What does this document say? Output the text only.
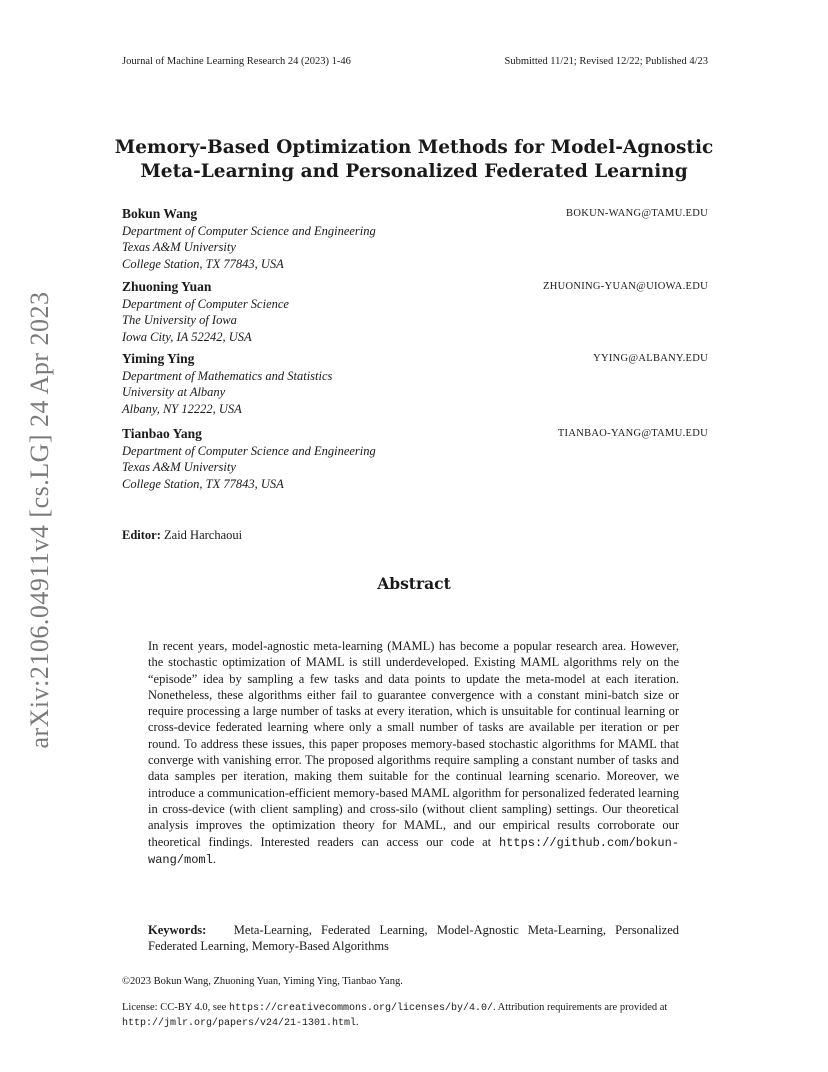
arXiv:2106.04911v4 [cs.LG] 24 Apr 2023
Journal of Machine Learning Research 24 (2023) 1-46	Submitted 11/21; Revised 12/22; Published 4/23
Memory-Based Optimization Methods for Model-Agnostic
Meta-Learning and Personalized Federated Learning
Bokun Wang	BOKUN-WANG@TAMU.EDU
Department of Computer Science and Engineering
Texas A&M University
College Station, TX 77843, USA
Zhuoning Yuan	ZHUONING-YUAN@UIOWA.EDU
Department of Computer Science
The University of Iowa
Iowa City, IA 52242, USA
Yiming Ying	YYING@ALBANY.EDU
Department of Mathematics and Statistics
University at Albany
Albany, NY 12222, USA
Tianbao Yang	TIANBAO-YANG@TAMU.EDU
Department of Computer Science and Engineering
Texas A&M University
College Station, TX 77843, USA
Editor: Zaid Harchaoui
Abstract
In recent years, model-agnostic meta-learning (MAML) has become a popular research area. However, the stochastic optimization of MAML is still underdeveloped. Existing MAML algorithms rely on the “episode” idea by sampling a few tasks and data points to update the meta-model at each iteration. Nonetheless, these algorithms either fail to guarantee convergence with a constant mini-batch size or require processing a large number of tasks at every iteration, which is unsuitable for continual learning or cross-device federated learning where only a small number of tasks are available per iteration or per round. To address these issues, this paper proposes memory-based stochastic algorithms for MAML that converge with vanishing error. The proposed algorithms require sampling a constant number of tasks and data samples per iteration, making them suitable for the continual learning scenario. Moreover, we introduce a communication-efficient memory-based MAML algorithm for personalized federated learning in cross-device (with client sampling) and cross-silo (without client sampling) settings. Our theoretical analysis improves the optimization theory for MAML, and our empirical results corroborate our theoretical findings. Interested readers can access our code at https://github.com/bokun-wang/moml.
Keywords: Meta-Learning, Federated Learning, Model-Agnostic Meta-Learning, Personalized Federated Learning, Memory-Based Algorithms
©2023 Bokun Wang, Zhuoning Yuan, Yiming Ying, Tianbao Yang.
License: CC-BY 4.0, see https://creativecommons.org/licenses/by/4.0/. Attribution requirements are provided at http://jmlr.org/papers/v24/21-1301.html.
